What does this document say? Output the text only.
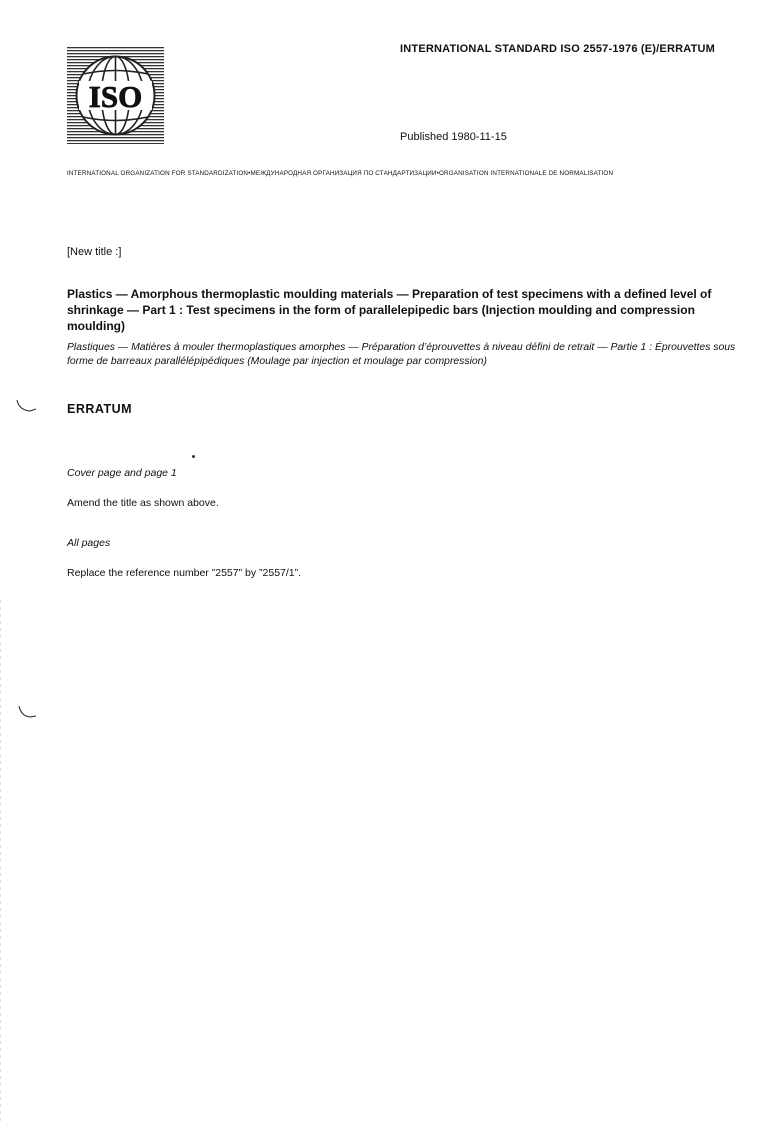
ISO
INTERNATIONAL STANDARD ISO 2557-1976 (E)/ERRATUM
Published 1980-11-15
INTERNATIONAL ORGANIZATION FOR STANDARDIZATION•МЕЖДУНАРОДНАЯ ОРГАНИЗАЦИЯ ПО СТАНДАРТИЗАЦИИ•ORGANISATION INTERNATIONALE DE NORMALISATION
[New title :]
Plastics — Amorphous thermoplastic moulding materials — Preparation of test specimens with a defined level of shrinkage — Part 1 : Test specimens in the form of parallelepipedic bars (Injection moulding and compression moulding)
Plastiques — Matières à mouler thermoplastiques amorphes — Préparation d’éprouvettes à niveau défini de retrait — Partie 1 : Éprouvettes sous forme de barreaux parallélépipédiques (Moulage par injection et moulage par compression)
ERRATUM
Cover page and page 1
Amend the title as shown above.
All pages
Replace the reference number ”2557” by ”2557/1”.
